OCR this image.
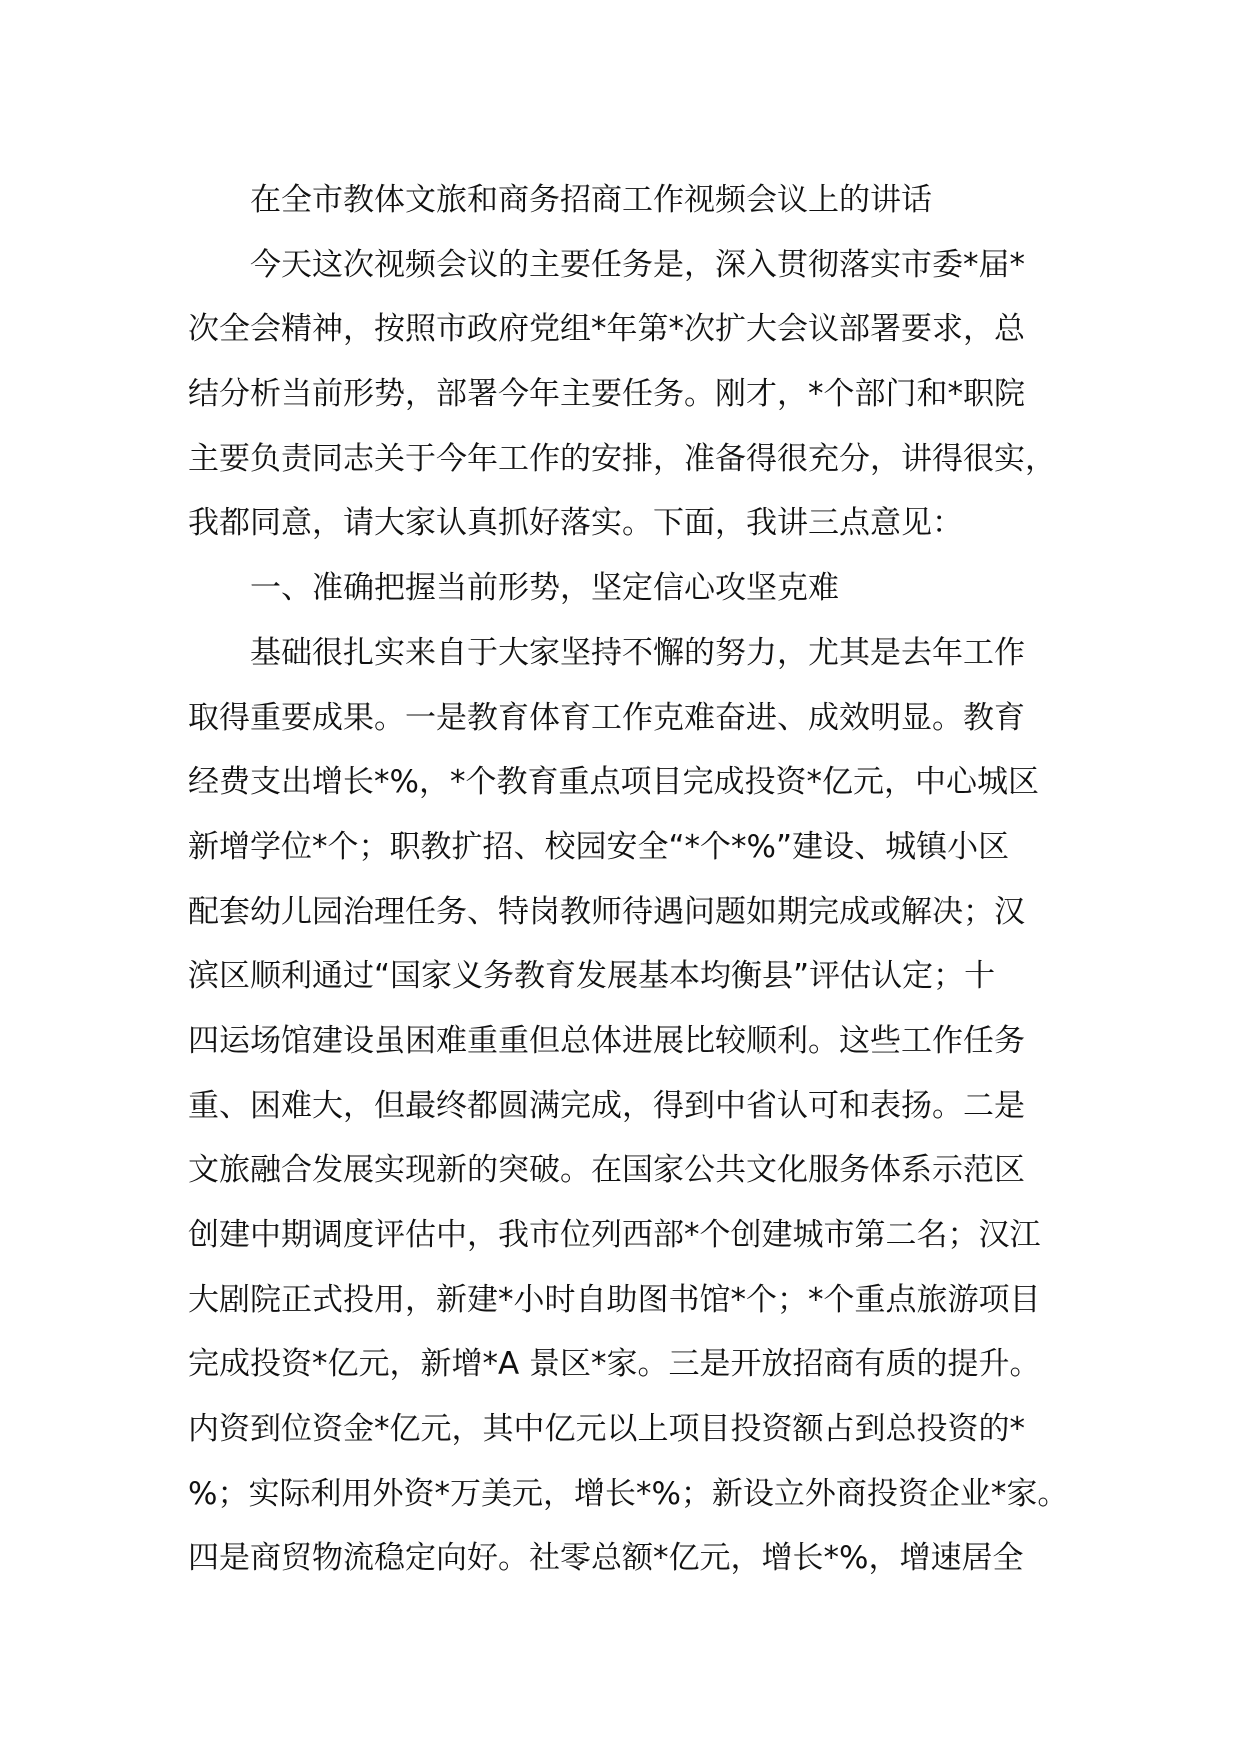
在全市教体文旅和商务招商工作视频会议上的讲话
今天这次视频会议的主要任务是，深入贯彻落实市委*届*
次全会精神，按照市政府党组*年第*次扩大会议部署要求，总
结分析当前形势，部署今年主要任务。刚才，*个部门和*职院
主要负责同志关于今年工作的安排，准备得很充分，讲得很实，
我都同意，请大家认真抓好落实。下面，我讲三点意见：
一、准确把握当前形势，坚定信心攻坚克难
基础很扎实来自于大家坚持不懈的努力，尤其是去年工作
取得重要成果。一是教育体育工作克难奋进、成效明显。教育
经费支出增长*%，*个教育重点项目完成投资*亿元，中心城区
新增学位*个；职教扩招、校园安全“*个*%”建设、城镇小区
配套幼儿园治理任务、特岗教师待遇问题如期完成或解决；汉
滨区顺利通过“国家义务教育发展基本均衡县”评估认定；十
四运场馆建设虽困难重重但总体进展比较顺利。这些工作任务
重、困难大，但最终都圆满完成，得到中省认可和表扬。二是
文旅融合发展实现新的突破。在国家公共文化服务体系示范区
创建中期调度评估中，我市位列西部*个创建城市第二名；汉江
大剧院正式投用，新建*小时自助图书馆*个；*个重点旅游项目
完成投资*亿元，新增*A 景区*家。三是开放招商有质的提升。
内资到位资金*亿元，其中亿元以上项目投资额占到总投资的*
%；实际利用外资*万美元，增长*%；新设立外商投资企业*家。
四是商贸物流稳定向好。社零总额*亿元，增长*%，增速居全
